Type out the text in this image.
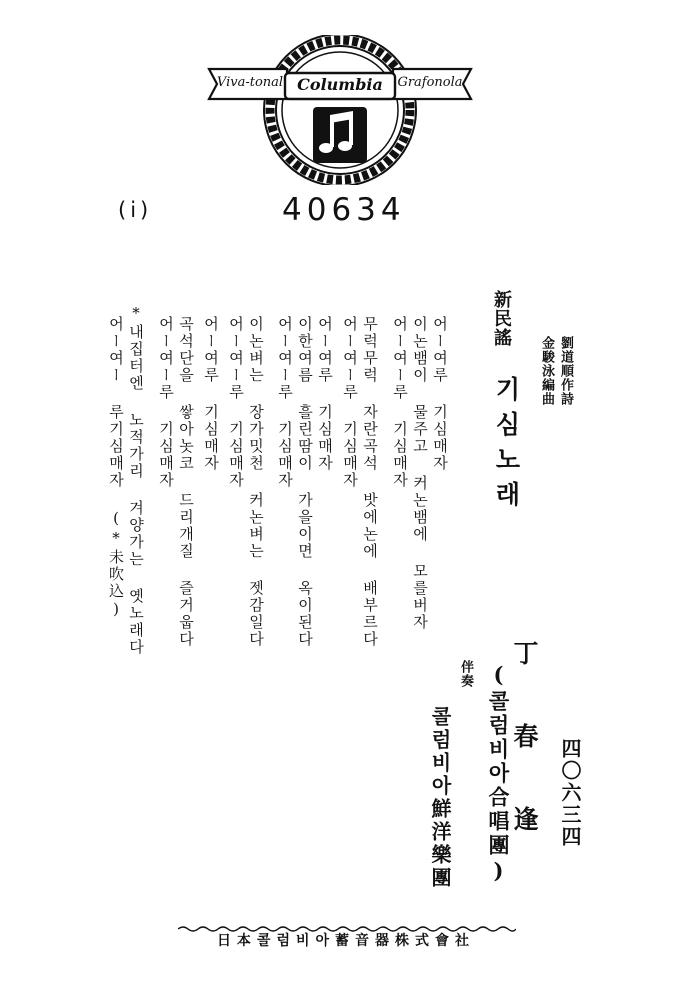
Viva-tonal Columbia	Grafonola
(i)	40634
新民謠
기심노래
劉道順作詩
金駿泳編曲
어ー여루 기심매자
이논뱀이 물주고 커논뱀에 모를버자
어ー여ー루 기심매자
무럭무럭 자란곡석 밧에논에 배부르다
어ー여ー루 기심매자
어ー여루 기심매자
이한여름 흘린땀이 가을이면 옥이된다
어ー여ー루 기심매자
이논벼는 장가밋천 커논벼는 젯감일다
어ー여ー루 기심매자
어ー여루 기심매자
곡석단을 쌓아놋코 드리개질 즐거웁다
어ー여ー루 기심매자
*내집터엔 노적가리 겨양가는 옛노래다
어ー여ー 루기심매자 (*未吹込)
丁春逢
(콜럼비아合唱團)
伴奏
콜럼비아鮮洋樂團	四〇六三四
日本콜럼비아蓄音器株式會社
